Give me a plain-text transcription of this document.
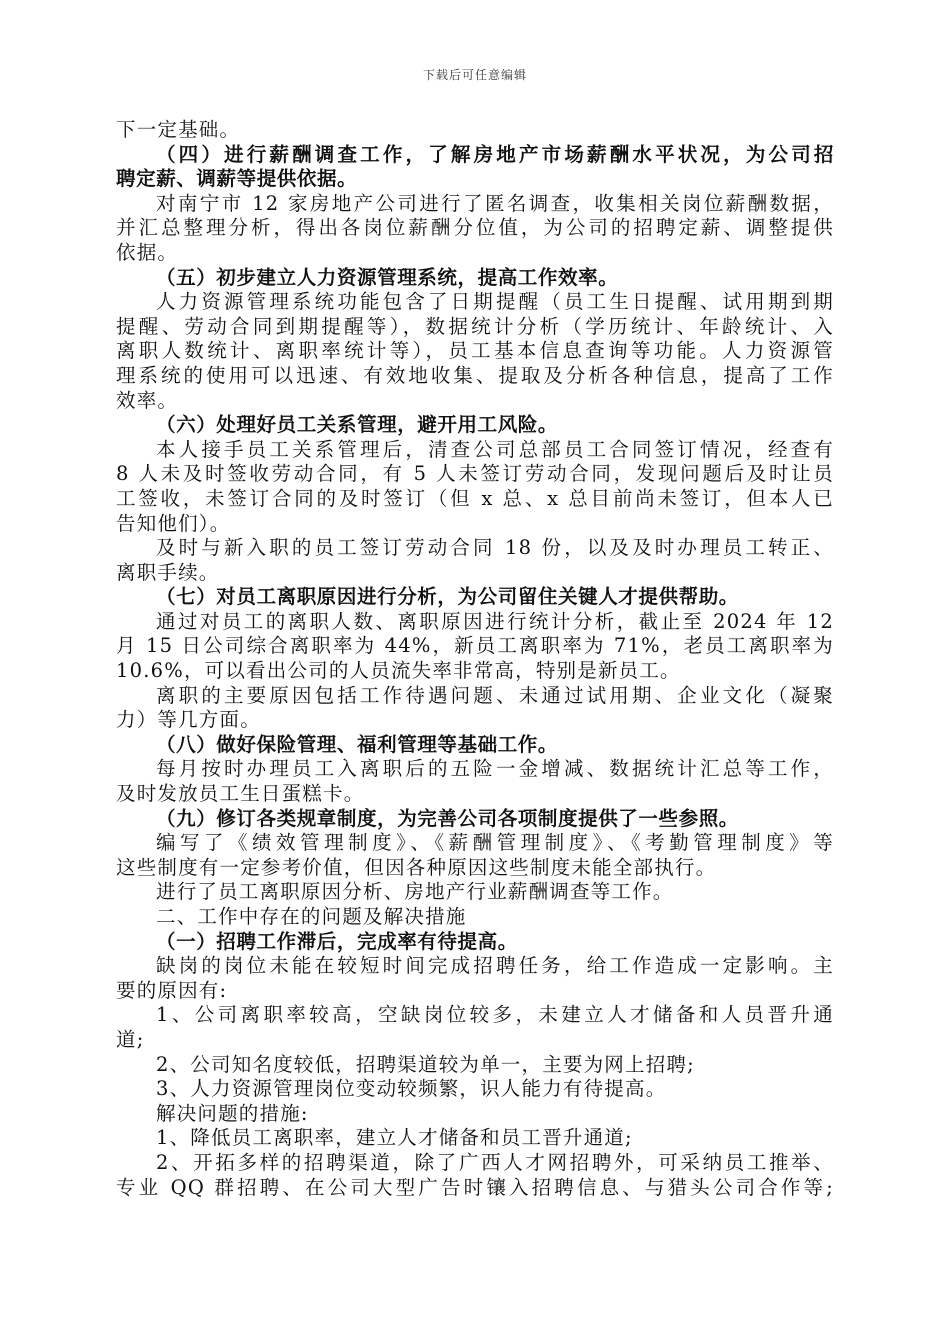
下载后可任意编辑
下一定基础。
（四）进行薪酬调查工作，了解房地产市场薪酬水平状况，为公司招
聘定薪、调薪等提供依据。
对南宁市 12 家房地产公司进行了匿名调查，收集相关岗位薪酬数据，
并汇总整理分析，得出各岗位薪酬分位值，为公司的招聘定薪、调整提供
依据。
（五）初步建立人力资源管理系统，提高工作效率。
人力资源管理系统功能包含了日期提醒（员工生日提醒、试用期到期
提醒、劳动合同到期提醒等），数据统计分析（学历统计、年龄统计、入
离职人数统计、离职率统计等），员工基本信息查询等功能。人力资源管
理系统的使用可以迅速、有效地收集、提取及分析各种信息，提高了工作
效率。
（六）处理好员工关系管理，避开用工风险。
本人接手员工关系管理后，清查公司总部员工合同签订情况，经查有
8 人未及时签收劳动合同，有 5 人未签订劳动合同，发现问题后及时让员
工签收，未签订合同的及时签订（但 x 总、x 总目前尚未签订，但本人已
告知他们）。
及时与新入职的员工签订劳动合同 18 份，以及及时办理员工转正、
离职手续。
（七）对员工离职原因进行分析，为公司留住关键人才提供帮助。
通过对员工的离职人数、离职原因进行统计分析，截止至 2024 年 12
月 15 日公司综合离职率为 44%，新员工离职率为 71%，老员工离职率为
10.6%，可以看出公司的人员流失率非常高，特别是新员工。
离职的主要原因包括工作待遇问题、未通过试用期、企业文化（凝聚
力）等几方面。
（八）做好保险管理、福利管理等基础工作。
每月按时办理员工入离职后的五险一金增减、数据统计汇总等工作，
及时发放员工生日蛋糕卡。
（九）修订各类规章制度，为完善公司各项制度提供了一些参照。
编写了《绩效管理制度》、《薪酬管理制度》、《考勤管理制度》等
这些制度有一定参考价值，但因各种原因这些制度未能全部执行。
进行了员工离职原因分析、房地产行业薪酬调查等工作。
二、工作中存在的问题及解决措施
（一）招聘工作滞后，完成率有待提高。
缺岗的岗位未能在较短时间完成招聘任务，给工作造成一定影响。主
要的原因有:
1、公司离职率较高，空缺岗位较多，未建立人才储备和人员晋升通
道;
2、公司知名度较低，招聘渠道较为单一，主要为网上招聘;
3、人力资源管理岗位变动较频繁，识人能力有待提高。
解决问题的措施:
1、降低员工离职率，建立人才储备和员工晋升通道;
2、开拓多样的招聘渠道，除了广西人才网招聘外，可采纳员工推举、
专业 QQ 群招聘、在公司大型广告时镶入招聘信息、与猎头公司合作等;
